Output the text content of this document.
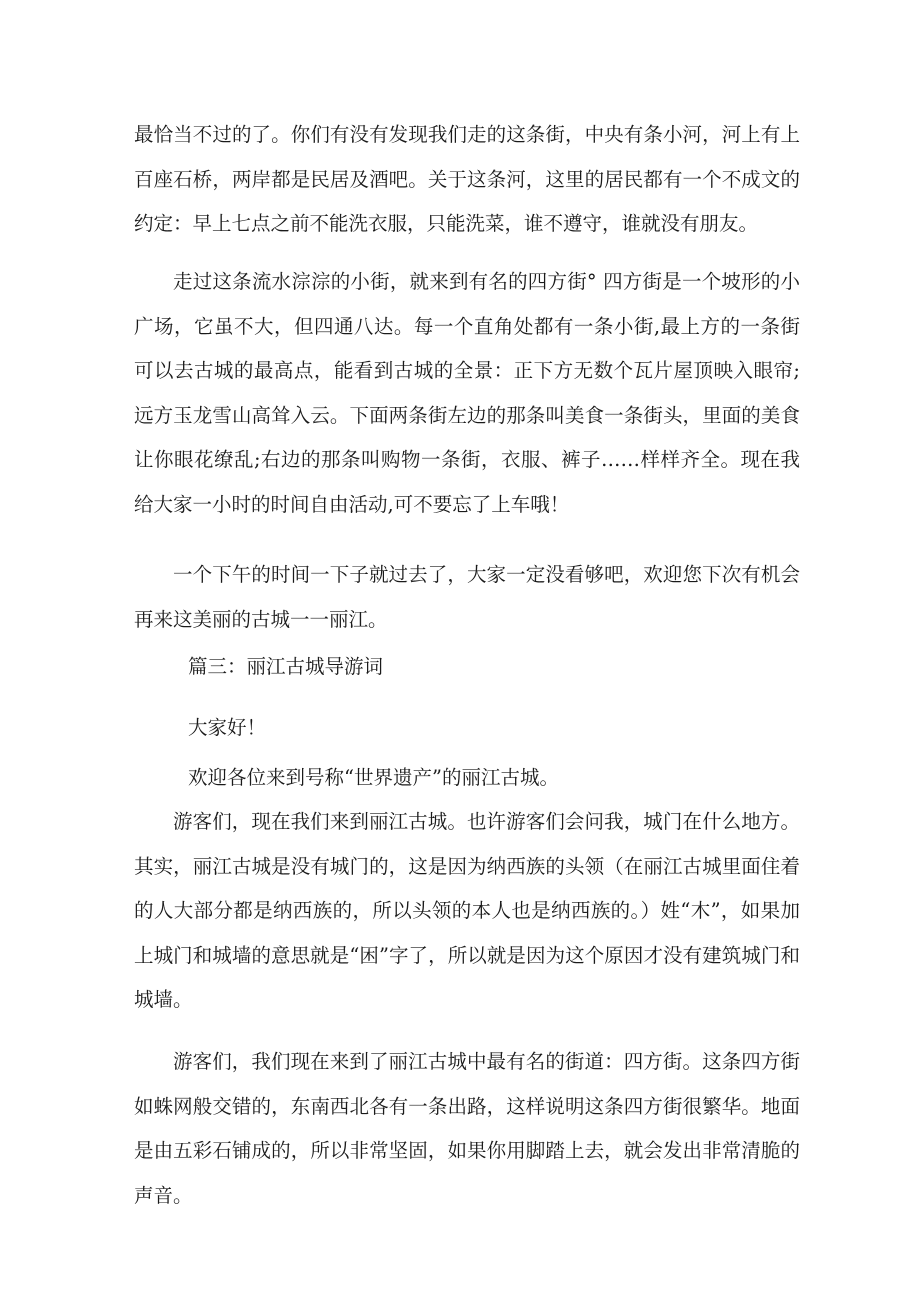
最恰当不过的了。你们有没有发现我们走的这条街，中央有条小河，河上有上百座石桥，两岸都是民居及酒吧。关于这条河，这里的居民都有一个不成文的约定：早上七点之前不能洗衣服，只能洗菜，谁不遵守，谁就没有朋友。

走过这条流水淙淙的小街，就来到有名的四方街° 四方街是一个坡形的小广场，它虽不大，但四通八达。每一个直角处都有一条小街,最上方的一条街可以去古城的最高点，能看到古城的全景：正下方无数个瓦片屋顶映入眼帘;远方玉龙雪山高耸入云。下面两条街左边的那条叫美食一条街头，里面的美食让你眼花缭乱;右边的那条叫购物一条街，衣服、裤子……样样齐全。现在我给大家一小时的时间自由活动,可不要忘了上车哦！

一个下午的时间一下子就过去了，大家一定没看够吧，欢迎您下次有机会再来这美丽的古城一一丽江。

篇三：丽江古城导游词

大家好！

欢迎各位来到号称“世界遗产”的丽江古城。

游客们，现在我们来到丽江古城。也许游客们会问我，城门在什么地方。其实，丽江古城是没有城门的，这是因为纳西族的头领（在丽江古城里面住着的人大部分都是纳西族的，所以头领的本人也是纳西族的。）姓“木”，如果加上城门和城墙的意思就是“困”字了，所以就是因为这个原因才没有建筑城门和城墙。

游客们，我们现在来到了丽江古城中最有名的街道：四方街。这条四方街如蛛网般交错的，东南西北各有一条出路，这样说明这条四方街很繁华。地面是由五彩石铺成的，所以非常坚固，如果你用脚踏上去，就会发出非常清脆的声音。
